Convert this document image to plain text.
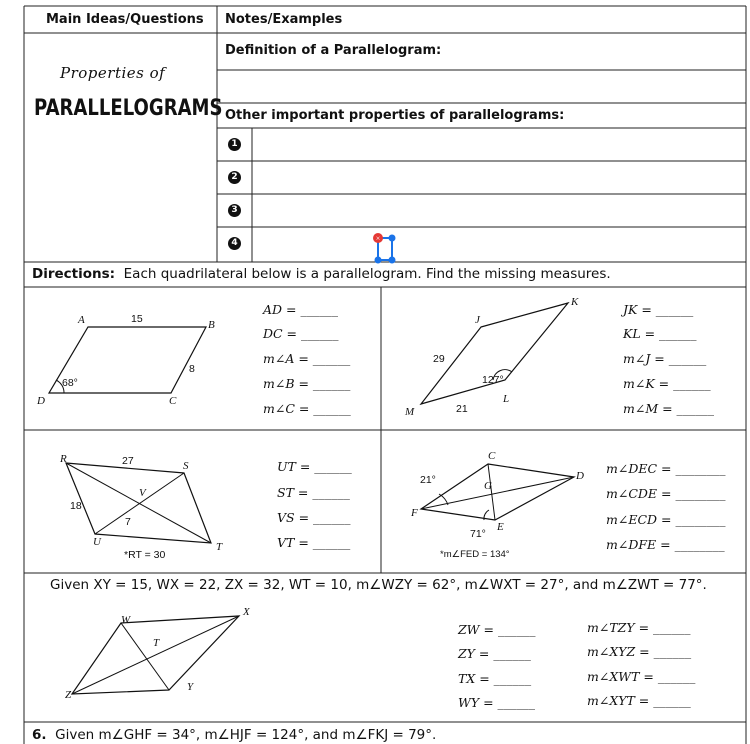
Main Ideas/Questions Notes/Examples
Properties of
PARALLELOGRAMS
Definition of a Parallelogram:
Other important properties of parallelograms:
1
2
3
4	×
Directions: Each quadrilateral below is a parallelogram. Find the missing measures.
A	B
C
D
15
8
68°
AD = ______
DC = ______
m∠A = ______
m∠B = ______
m∠C = ______
J
K
L
M
29
21
127°
JK = ______
KL = ______
m∠J = ______
m∠K = ______
m∠M = ______
R
S
T
U
V
27
18
7
*RT = 30
UT = ______
ST = ______
VS = ______
VT = ______
C
D
E
F
G
21°
71°
*m∠FED = 134°
m∠DEC = ________
m∠CDE = ________
m∠ECD = ________
m∠DFE = ________
Given XY = 15, WX = 22, ZX = 32, WT = 10, m∠WZY = 62°, m∠WXT = 27°, and m∠ZWT = 77°.
W
X
Y
Z
T
ZW = ______
ZY = ______
TX = ______
WY = ______
m∠TZY = ______
m∠XYZ = ______
m∠XWT = ______
m∠XYT = ______
6. Given m∠GHF = 34°, m∠HJF = 124°, and m∠FKJ = 79°.
